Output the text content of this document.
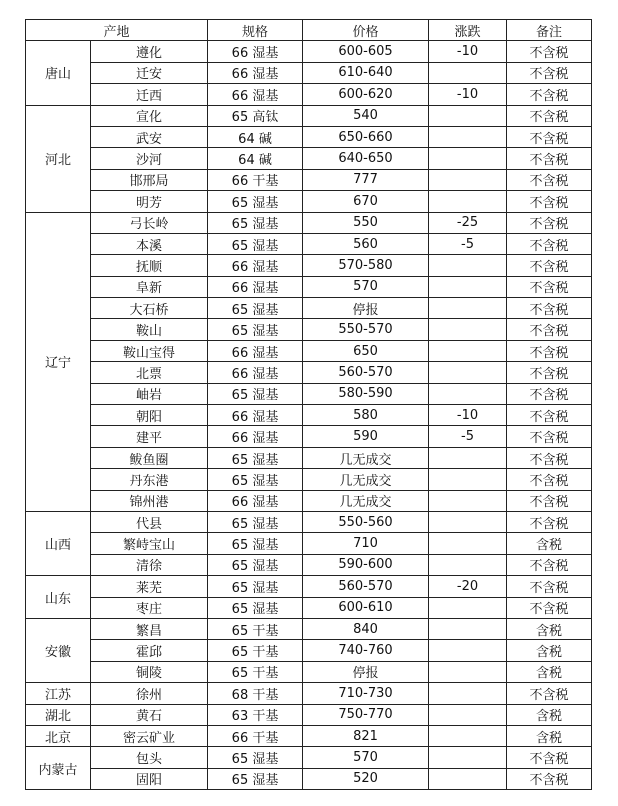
产地		规格	价格	涨跌	备注
唐山	遵化	66 湿基	600-605	-10	不含税
	迁安	66 湿基	610-640		不含税
	迁西	66 湿基	600-620	-10	不含税
河北	宣化	65 高钛	540		不含税
	武安	64 碱	650-660		不含税
	沙河	64 碱	640-650		不含税
	邯邢局	66 干基	777		不含税
	明芳	65 湿基	670		不含税
辽宁	弓长岭	65 湿基	550	-25	不含税
	本溪	65 湿基	560	-5	不含税
	抚顺	66 湿基	570-580		不含税
	阜新	66 湿基	570		不含税
	大石桥	65 湿基	停报		不含税
	鞍山	65 湿基	550-570		不含税
	鞍山宝得	66 湿基	650		不含税
	北票	66 湿基	560-570		不含税
	岫岩	65 湿基	580-590		不含税
	朝阳	66 湿基	580	-10	不含税
	建平	66 湿基	590	-5	不含税
	鲅鱼圈	65 湿基	几无成交		不含税
	丹东港	65 湿基	几无成交		不含税
	锦州港	66 湿基	几无成交		不含税
山西	代县	65 湿基	550-560		不含税
	繁峙宝山	65 湿基	710		含税
	清徐	65 湿基	590-600		不含税
山东	莱芜	65 湿基	560-570	-20	不含税
	枣庄	65 湿基	600-610		不含税
安徽	繁昌	65 干基	840		含税
	霍邱	65 干基	740-760		含税
	铜陵	65 干基	停报		含税
江苏	徐州	68 干基	710-730		不含税
湖北	黄石	63 干基	750-770		含税
北京	密云矿业	66 干基	821		含税
内蒙古	包头	65 湿基	570		不含税
	固阳	65 湿基	520		不含税
